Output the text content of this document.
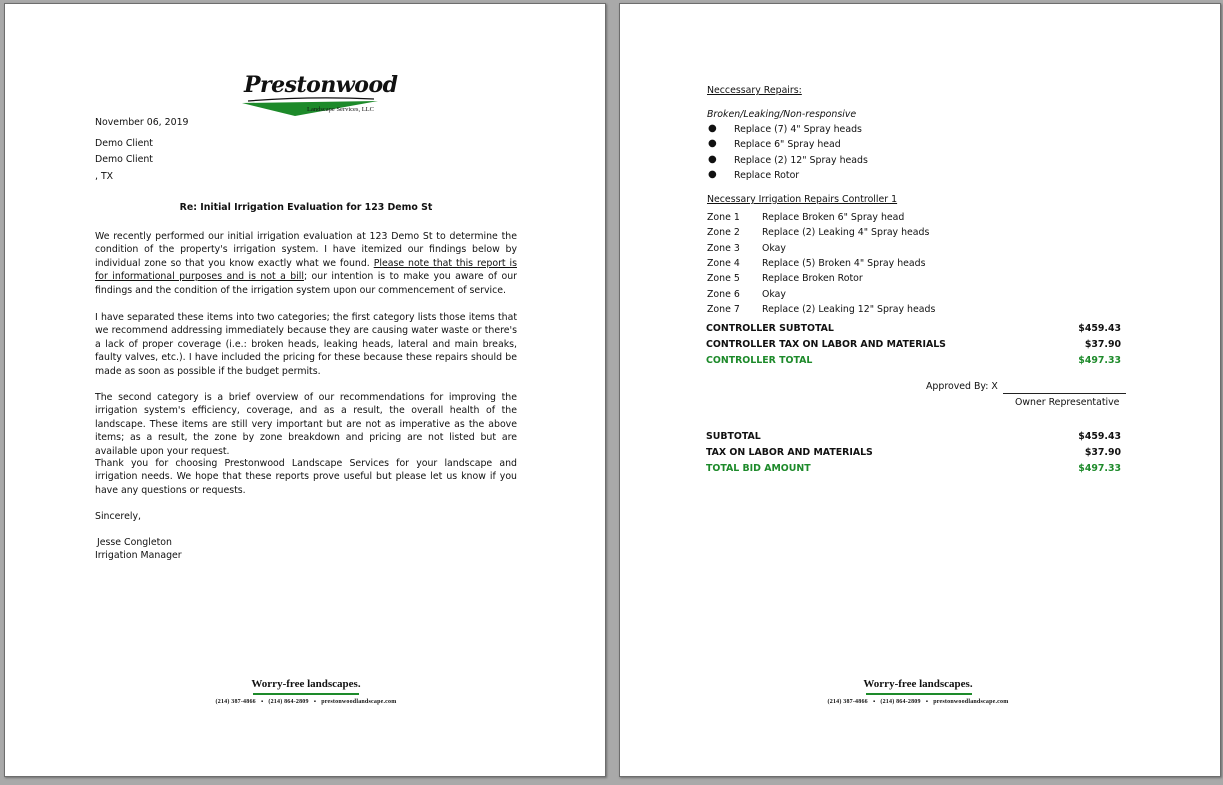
Prestonwood
Landscape Services, LLC
November 06, 2019
Demo Client
Demo Client
, TX
Re: Initial Irrigation Evaluation for 123 Demo St
We recently performed our initial irrigation evaluation at 123 Demo St to determine the condition of the property's irrigation system. I have itemized our findings below by individual zone so that you know exactly what we found. Please note that this report is for informational purposes and is not a bill; our intention is to make you aware of our findings and the condition of the irrigation system upon our commencement of service.
I have separated these items into two categories; the first category lists those items that we recommend addressing immediately because they are causing water waste or there's a lack of proper coverage (i.e.: broken heads, leaking heads, lateral and main breaks, faulty valves, etc.). I have included the pricing for these because these repairs should be made as soon as possible if the budget permits.
The second category is a brief overview of our recommendations for improving the irrigation system's efficiency, coverage, and as a result, the overall health of the landscape. These items are still very important but are not as imperative as the above items; as a result, the zone by zone breakdown and pricing are not listed but are available upon your request.
Thank you for choosing Prestonwood Landscape Services for your landscape and irrigation needs. We hope that these reports prove useful but please let us know if you have any questions or requests.
Sincerely,
Jesse Congleton
Irrigation Manager
Worry-free landscapes.
(214) 387-4866 ▪ (214) 864-2809 ▪ prestonwoodlandscape.com
Neccessary Repairs:
Broken/Leaking/Non-responsive
● Replace (7) 4" Spray heads
● Replace 6" Spray head
● Replace (2) 12" Spray heads
● Replace Rotor
Necessary Irrigation Repairs Controller 1
Zone 1 Replace Broken 6" Spray head
Zone 2 Replace (2) Leaking 4" Spray heads
Zone 3 Okay
Zone 4 Replace (5) Broken 4" Spray heads
Zone 5 Replace Broken Rotor
Zone 6 Okay
Zone 7 Replace (2) Leaking 12" Spray heads
CONTROLLER SUBTOTAL	$459.43
CONTROLLER TAX ON LABOR AND MATERIALS	$37.90
CONTROLLER TOTAL	$497.33
Approved By: X
Owner Representative
SUBTOTAL	$459.43
TAX ON LABOR AND MATERIALS	$37.90
TOTAL BID AMOUNT	$497.33
Worry-free landscapes.
(214) 387-4866 ▪ (214) 864-2809 ▪ prestonwoodlandscape.com
